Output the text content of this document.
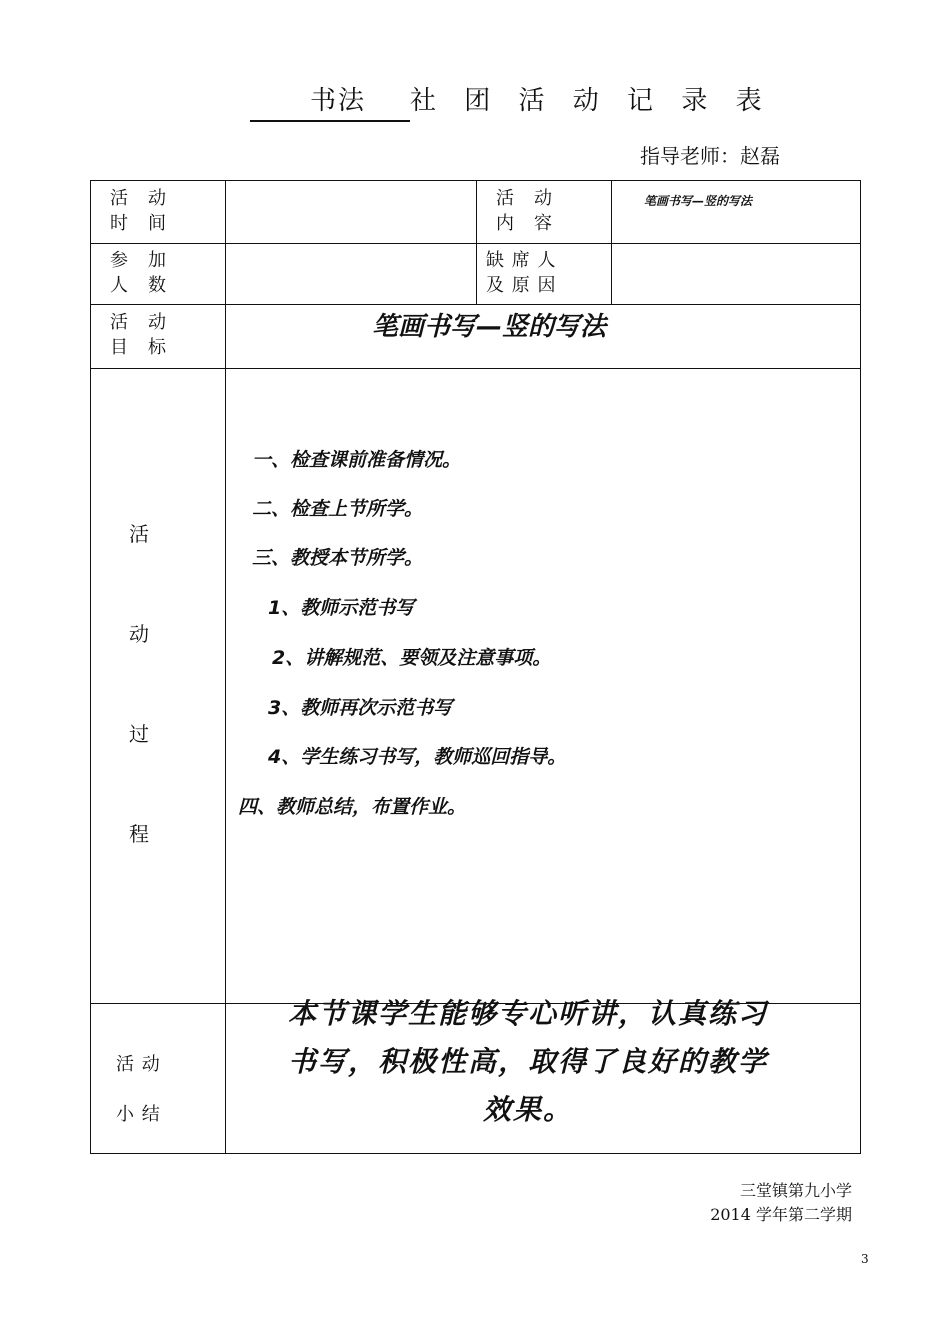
书法 社 团 活 动 记 录 表
指导老师：赵磊
活　动
时　间
活　动
内　容
笔画书写—竖的写法
参　加
人　数
缺 席 人
及 原 因
活　动
目　标
笔画书写—竖的写法
活
动
过
程
一、检查课前准备情况。
二、检查上节所学。
三、教授本节所学。
1、教师示范书写
2、讲解规范、要领及注意事项。
3、教师再次示范书写
4、学生练习书写，教师巡回指导。
四、教师总结，布置作业。
活 动
小 结
本节课学生能够专心听讲，认真练习
书写，积极性高，取得了良好的教学
效果。
三堂镇第九小学
2014 学年第二学期
3
